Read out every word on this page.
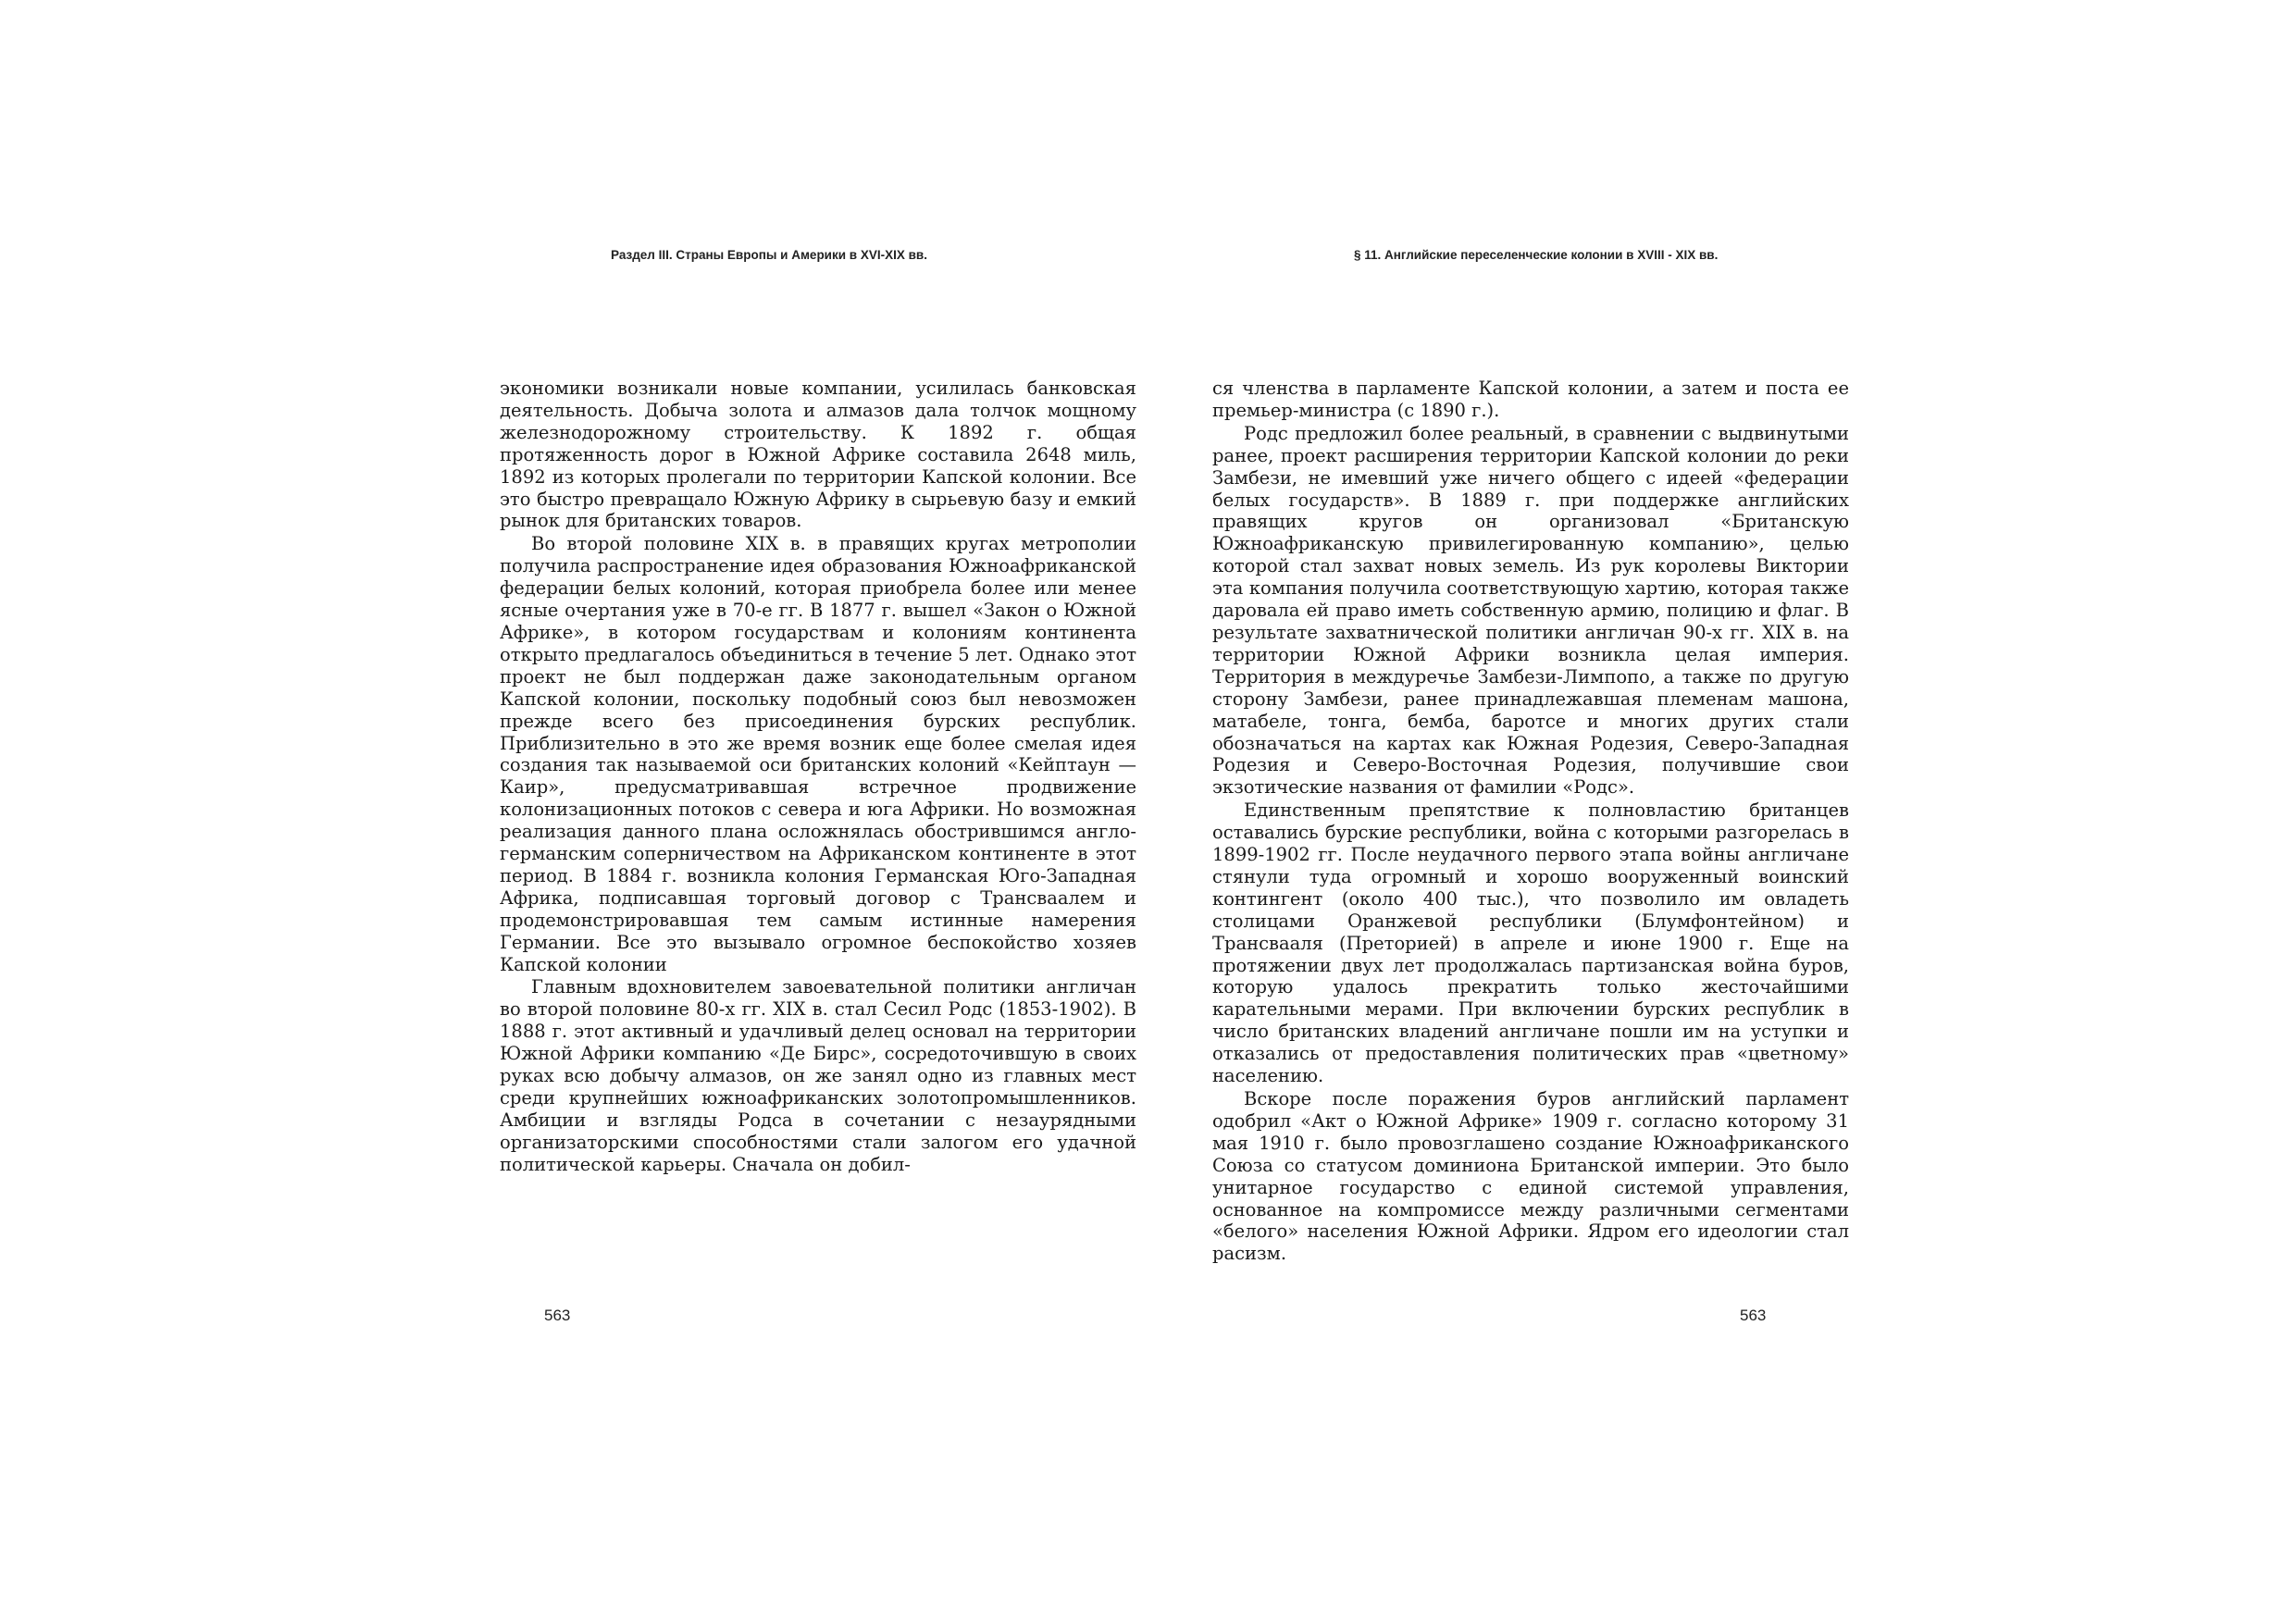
Раздел III. Страны Европы и Америки в XVI-XIX вв.	§ 11. Английские переселенческие колонии в XVIII - XIX вв.

экономики возникали новые компании, усилилась банковская деятельность. Добыча золота и алмазов дала толчок мощному железнодорожному строительству. К 1892 г. общая протяженность дорог в Южной Африке составила 2648 миль, 1892 из которых пролегали по территории Капской колонии. Все это быстро превращало Южную Африку в сырьевую базу и емкий рынок для британских товаров.

Во второй половине XIX в. в правящих кругах метрополии получила распространение идея образования Южноафриканской федерации белых колоний, которая приобрела более или менее ясные очертания уже в 70-е гг. В 1877 г. вышел «Закон о Южной Африке», в котором государствам и колониям континента открыто предлагалось объединиться в течение 5 лет. Однако этот проект не был поддержан даже законодательным органом Капской колонии, поскольку подобный союз был невозможен прежде всего без присоединения бурских республик. Приблизительно в это же время возник еще более смелая идея создания так называемой оси британских колоний «Кейптаун — Каир», предусматривавшая встречное продвижение колонизационных потоков с севера и юга Африки. Но возможная реализация данного плана осложнялась обострившимся англо-германским соперничеством на Африканском континенте в этот период. В 1884 г. возникла колония Германская Юго-Западная Африка, подписавшая торговый договор с Трансваалем и продемонстрировавшая тем самым истинные намерения Германии. Все это вызывало огромное беспокойство хозяев Капской колонии

Главным вдохновителем завоевательной политики англичан во второй половине 80-х гг. XIX в. стал Сесил Родс (1853-1902). В 1888 г. этот активный и удачливый делец основал на территории Южной Африки компанию «Де Бирс», сосредоточившую в своих руках всю добычу алмазов, он же занял одно из главных мест среди крупнейших южноафриканских золотопромышленников. Амбиции и взгляды Родса в сочетании с незаурядными организаторскими способностями стали залогом его удачной политической карьеры. Сначала он добил-

ся членства в парламенте Капской колонии, а затем и поста ее премьер-министра (с 1890 г.).

Родс предложил более реальный, в сравнении с выдвинутыми ранее, проект расширения территории Капской колонии до реки Замбези, не имевший уже ничего общего с идеей «федерации белых государств». В 1889 г. при поддержке английских правящих кругов он организовал «Британскую Южноафриканскую привилегированную компанию», целью которой стал захват новых земель. Из рук королевы Виктории эта компания получила соответствующую хартию, которая также даровала ей право иметь собственную армию, полицию и флаг. В результате захватнической политики англичан 90-х гг. XIX в. на территории Южной Африки возникла целая империя. Территория в междуречье Замбези-Лимпопо, а также по другую сторону Замбези, ранее принадлежавшая племенам машона, матабеле, тонга, бемба, баротсе и многих других стали обозначаться на картах как Южная Родезия, Северо-Западная Родезия и Северо-Восточная Родезия, получившие свои экзотические названия от фамилии «Родс».

Единственным препятствие к полновластию британцев оставались бурские республики, война с которыми разгорелась в 1899-1902 гг. После неудачного первого этапа войны англичане стянули туда огромный и хорошо вооруженный воинский контингент (около 400 тыс.), что позволило им овладеть столицами Оранжевой республики (Блумфонтейном) и Трансвааля (Преторией) в апреле и июне 1900 г. Еще на протяжении двух лет продолжалась партизанская война буров, которую удалось прекратить только жесточайшими карательными мерами. При включении бурских республик в число британских владений англичане пошли им на уступки и отказались от предоставления политических прав «цветному» населению.

Вскоре после поражения буров английский парламент одобрил «Акт о Южной Африке» 1909 г. согласно которому 31 мая 1910 г. было провозглашено создание Южноафриканского Союза со статусом доминиона Британской империи. Это было унитарное государство с единой системой управления, основанное на компромиссе между различными сегментами «белого» населения Южной Африки. Ядром его идеологии стал расизм.

563	563
